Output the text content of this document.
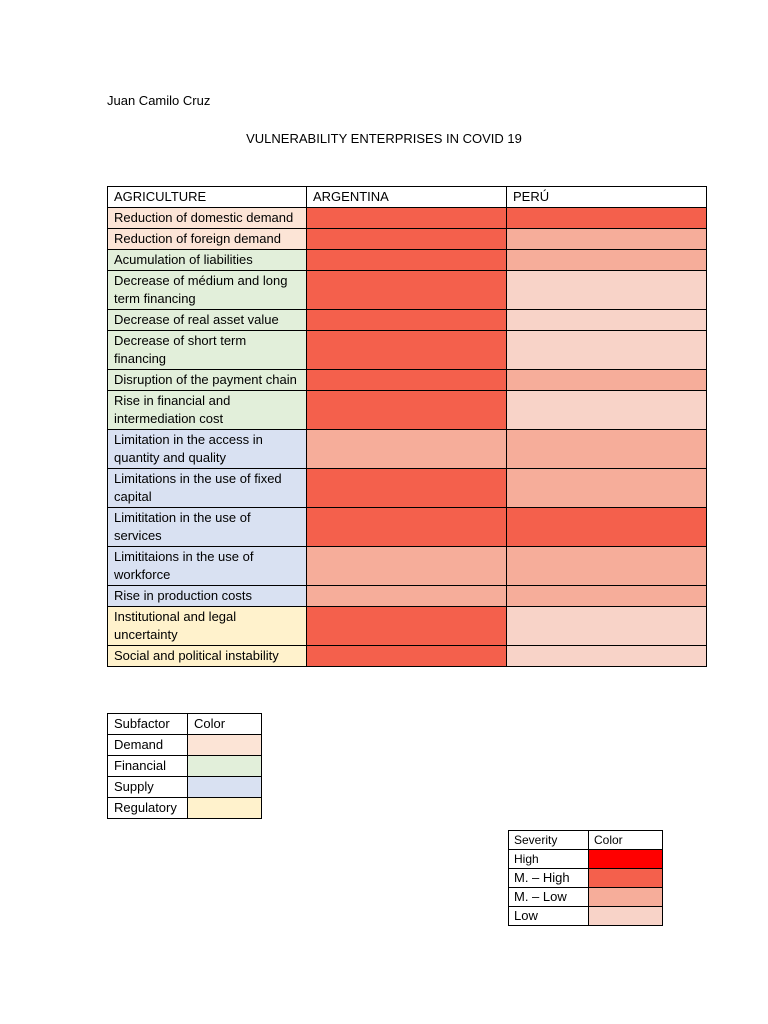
Juan Camilo Cruz
VULNERABILITY ENTERPRISES IN COVID 19
AGRICULTURE	ARGENTINA	PERÚ
Reduction of domestic demand		
Reduction of foreign demand		
Acumulation of liabilities		
Decrease of médium and long term financing		
Decrease of real asset value		
Decrease of short term financing		
Disruption of the payment chain		
Rise in financial and intermediation cost		
Limitation in the access in quantity and quality		
Limitations in the use of fixed capital		
Limititation in the use of services		
Limititaions in the use of workforce		
Rise in production costs		
Institutional and legal uncertainty		
Social and political instability		
Subfactor	Color
Demand	
Financial	
Supply	
Regulatory	
Severity	Color
High	
M. – High	
M. – Low	
Low	
